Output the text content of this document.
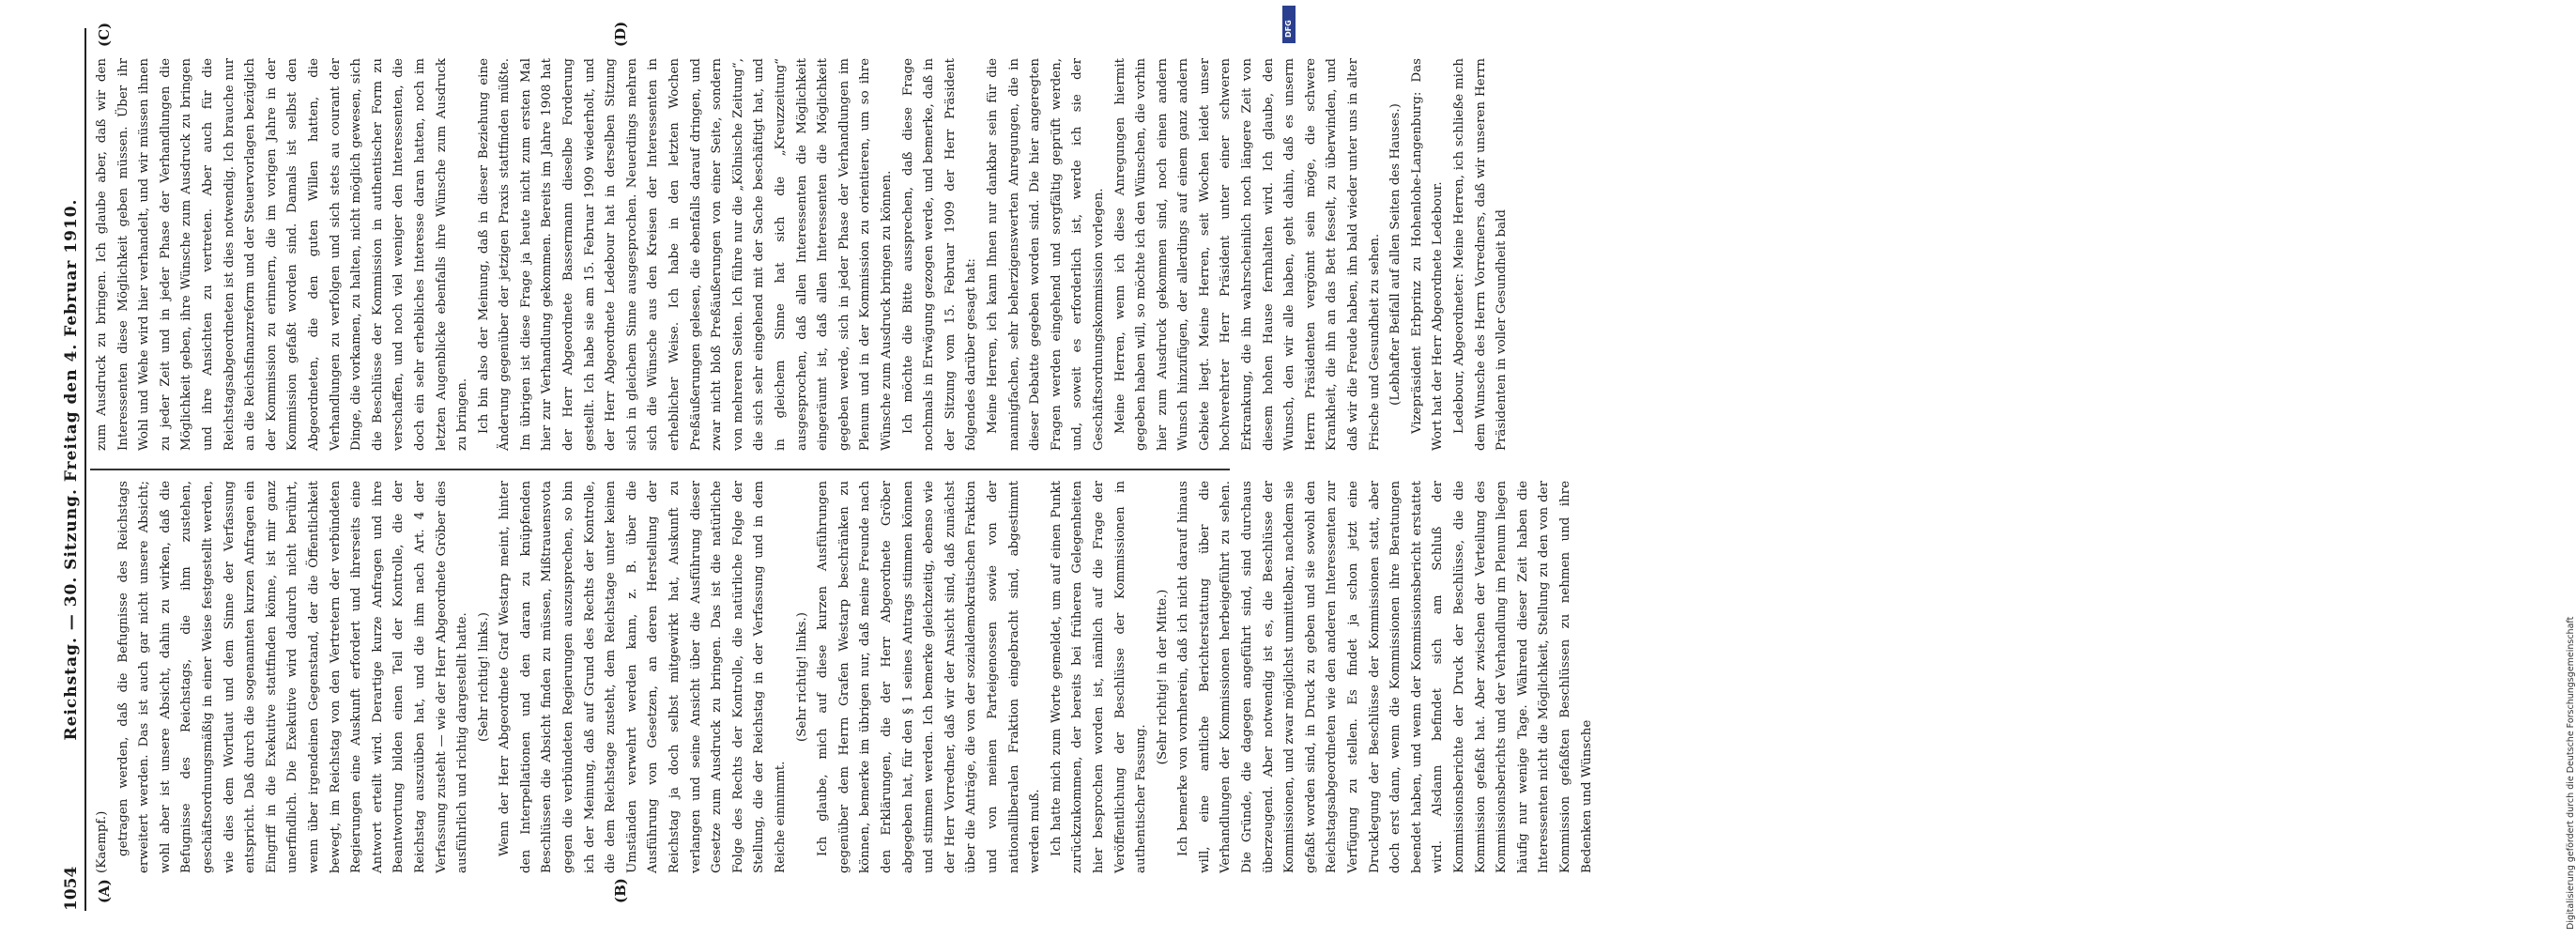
1054
Reichstag. — 30. Sitzung. Freitag den 4. Februar 1910.
(A)	(B)
(C)	(D)

(Kaempf.) getragen werden, daß die Befugnisse des Reichstags erweitert werden. Das ist auch gar nicht unsere Absicht; wohl aber ist unsere Absicht, dahin zu wirken, daß die Befugnisse des Reichstags, die ihm zustehen, geschäftsordnungsmäßig in einer Weise festgestellt werden, wie dies dem Wortlaut und dem Sinne der Verfassung entspricht. Daß durch die sogenannten kurzen Anfragen ein Eingriff in die Exekutive stattfinden könne, ist mir ganz unerfindlich. Die Exekutive wird dadurch nicht berührt, wenn über irgendeinen Gegenstand, der die Öffentlichkeit bewegt, im Reichstag von den Vertretern der verbündeten Regierungen eine Auskunft erfordert und ihrerseits eine Antwort erteilt wird. Derartige kurze Anfragen und ihre Beantwortung bilden einen Teil der Kontrolle, die der Reichstag auszuüben hat, und die ihm nach Art. 4 der Verfassung zusteht — wie der Herr Abgeordnete Gröber dies ausführlich und richtig dargestellt hatte. (Sehr richtig! links.) Wenn der Herr Abgeordnete Graf Westarp meint, hinter den Interpellationen und den daran zu knüpfenden Beschlüssen die Absicht finden zu müssen, Mißtrauensvota gegen die verbündeten Regierungen auszusprechen, so bin ich der Meinung, daß auf Grund des Rechts der Kontrolle, die dem Reichstage zusteht, dem Reichstage unter keinen Umständen verwehrt werden kann, z. B. über die Ausführung von Gesetzen, an deren Herstellung der Reichstag ja doch selbst mitgewirkt hat, Auskunft zu verlangen und seine Ansicht über die Ausführung dieser Gesetze zum Ausdruck zu bringen. Das ist die natürliche Folge des Rechts der Kontrolle, die natürliche Folge der Stellung, die der Reichstag in der Verfassung und in dem Reiche einnimmt.

(Sehr richtig! links.) Ich glaube, mich auf diese kurzen Ausführungen gegenüber dem Herrn Grafen Westarp beschränken zu können, bemerke im übrigen nur, daß meine Freunde nach den Erklärungen, die der Herr Abgeordnete Gröber abgegeben hat, für den § 1 seines Antrags stimmen können und stimmen werden. Ich bemerke gleichzeitig, ebenso wie der Herr Vorredner, daß wir der Ansicht sind, daß zunächst über die Anträge, die von der sozialdemokratischen Fraktion und von meinen Parteigenossen sowie von der nationalliberalen Fraktion eingebracht sind, abgestimmt werden muß. Ich hatte mich zum Worte gemeldet, um auf einen Punkt zurückzukommen, der bereits bei früheren Gelegenheiten hier besprochen worden ist, nämlich auf die Frage der Veröffentlichung der Beschlüsse der Kommissionen in authentischer Fassung.

(Sehr richtig! in der Mitte.) Ich bemerke von vornherein, daß ich nicht darauf hinaus will, eine amtliche Berichterstattung über die Verhandlungen der Kommissionen herbeigeführt zu sehen. Die Gründe, die dagegen angeführt sind, sind durchaus überzeugend. Aber notwendig ist es, die Beschlüsse der Kommissionen, und zwar möglichst unmittelbar, nachdem sie gefaßt worden sind, in Druck zu geben und sie sowohl den Reichstagsabgeordneten wie den anderen Interessenten zur Verfügung zu stellen. Es findet ja schon jetzt eine Drucklegung der Beschlüsse der Kommissionen statt, aber doch erst dann, wenn die Kommissionen ihre Beratungen beendet haben, und wenn der Kommissionsbericht erstattet wird. Alsdann befindet sich am Schluß der Kommissionsberichte der Druck der Beschlüsse, die die Kommission gefaßt hat. Aber zwischen der Verteilung des Kommissionsberichts und der Verhandlung im Plenum liegen häufig nur wenige Tage. Während dieser Zeit haben die Interessenten nicht die Möglichkeit, Stellung zu den von der Kommission gefaßten Beschlüssen zu nehmen und ihre Bedenken und Wünsche

zum Ausdruck zu bringen. Ich glaube aber, daß wir den Interessenten diese Möglichkeit geben müssen. Über ihr Wohl und Wehe wird hier verhandelt, und wir müssen ihnen zu jeder Zeit und in jeder Phase der Verhandlungen die Möglichkeit geben, ihre Wünsche zum Ausdruck zu bringen und ihre Ansichten zu vertreten. Aber auch für die Reichstagsabgeordneten ist dies notwendig. Ich brauche nur an die Reichsfinanzreform und der Steuervorlagen bezüglich der Kommission zu erinnern, die im vorigen Jahre in der Kommission gefaßt worden sind. Damals ist selbst den Abgeordneten, die den guten Willen hatten, die Verhandlungen zu verfolgen und sich stets au courant der Dinge, die vorkamen, zu halten, nicht möglich gewesen, sich die Beschlüsse der Kommission in authentischer Form zu verschaffen, und noch viel weniger den Interessenten, die doch ein sehr erhebliches Interesse daran hatten, noch im letzten Augenblicke ebenfalls ihre Wünsche zum Ausdruck zu bringen. Ich bin also der Meinung, daß in dieser Beziehung eine Änderung gegenüber der jetzigen Praxis stattfinden müßte. Im übrigen ist diese Frage ja heute nicht zum ersten Mal hier zur Verhandlung gekommen. Bereits im Jahre 1908 hat der Herr Abgeordnete Bassermann dieselbe Forderung gestellt. Ich habe sie am 15. Februar 1909 wiederholt, und der Herr Abgeordnete Ledebour hat in derselben Sitzung sich in gleichem Sinne ausgesprochen. Neuerdings mehren sich die Wünsche aus den Kreisen der Interessenten in erheblicher Weise. Ich habe in den letzten Wochen Preßäußerungen gelesen, die ebenfalls darauf dringen, und zwar nicht bloß Preßäußerungen von einer Seite, sondern von mehreren Seiten. Ich führe nur die „Kölnische Zeitung“, die sich sehr eingehend mit der Sache beschäftigt hat, und in gleichem Sinne hat sich die „Kreuzzeitung“ ausgesprochen, daß allen Interessenten die Möglichkeit eingeräumt ist, daß allen Interessenten die Möglichkeit gegeben werde, sich in jeder Phase der Verhandlungen im Plenum und in der Kommission zu orientieren, um so ihre Wünsche zum Ausdruck bringen zu können. Ich möchte die Bitte aussprechen, daß diese Frage nochmals in Erwägung gezogen werde, und bemerke, daß in der Sitzung vom 15. Februar 1909 der Herr Präsident folgendes darüber gesagt hat: Meine Herren, ich kann Ihnen nur dankbar sein für die mannigfachen, sehr beherzigenswerten Anregungen, die in dieser Debatte gegeben worden sind. Die hier angeregten Fragen werden eingehend und sorgfältig geprüft werden, und, soweit es erforderlich ist, werde ich sie der Geschäftsordnungskommission vorlegen. Meine Herren, wenn ich diese Anregungen hiermit gegeben haben will, so möchte ich den Wünschen, die vorhin hier zum Ausdruck gekommen sind, noch einen andern Wunsch hinzufügen, der allerdings auf einem ganz andern Gebiete liegt. Meine Herren, seit Wochen leidet unser hochverehrter Herr Präsident unter einer schweren Erkrankung, die ihn wahrscheinlich noch längere Zeit von diesem hohen Hause fernhalten wird. Ich glaube, den Wunsch, den wir alle haben, geht dahin, daß es unserm Herrn Präsidenten vergönnt sein möge, die schwere Krankheit, die ihn an das Bett fesselt, zu überwinden, und daß wir die Freude haben, ihn bald wieder unter uns in alter Frische und Gesundheit zu sehen. (Lebhafter Beifall auf allen Seiten des Hauses.) Vizepräsident Erbprinz zu Hohenlohe-Langenburg: Das Wort hat der Herr Abgeordnete Ledebour. Ledebour, Abgeordneter: Meine Herren, ich schließe mich dem Wunsche des Herrn Vorredners, daß wir unseren Herrn Präsidenten in voller Gesundheit bald

DFG
Digitalisierung gefördert durch die Deutsche Forschungsgemeinschaft
